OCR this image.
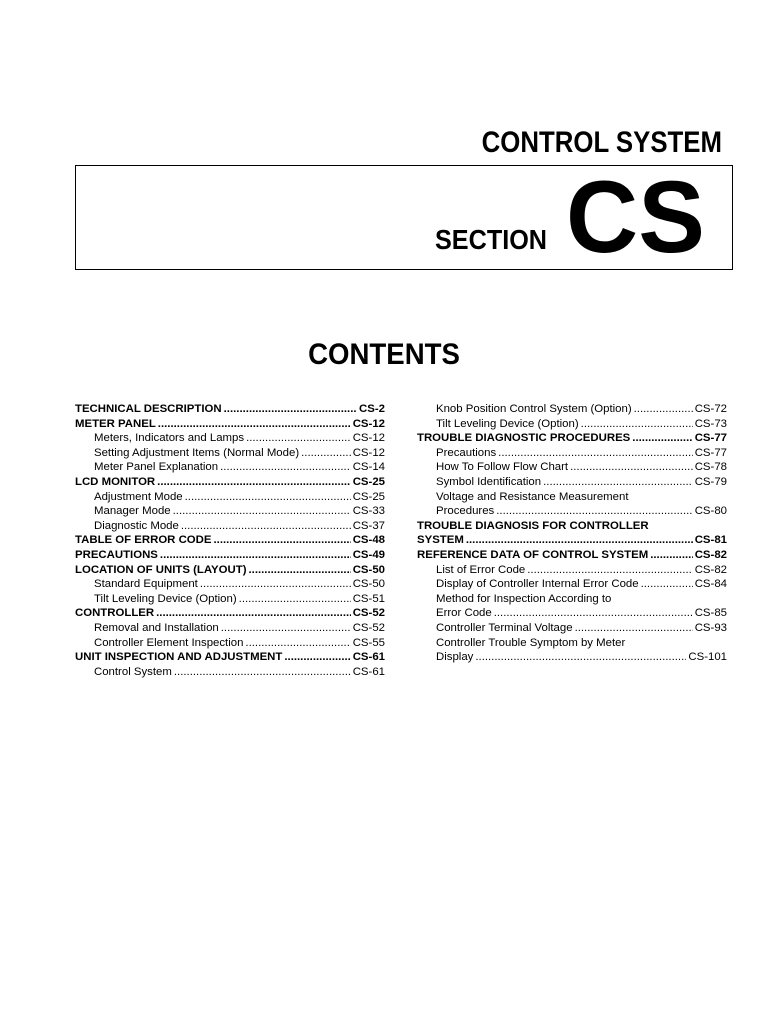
CONTROL SYSTEM
SECTION CS
CONTENTS
TECHNICAL DESCRIPTION .....	CS-2
METER PANEL .....	CS-12
Meters, Indicators and Lamps .....	CS-12
Setting Adjustment Items (Normal Mode) .....	CS-12
Meter Panel Explanation .....	CS-14
LCD MONITOR .....	CS-25
Adjustment Mode .....	CS-25
Manager Mode .....	CS-33
Diagnostic Mode .....	CS-37
TABLE OF ERROR CODE .....	CS-48
PRECAUTIONS .....	CS-49
LOCATION OF UNITS (LAYOUT) .....	CS-50
Standard Equipment .....	CS-50
Tilt Leveling Device (Option) .....	CS-51
CONTROLLER .....	CS-52
Removal and Installation .....	CS-52
Controller Element Inspection .....	CS-55
UNIT INSPECTION AND ADJUSTMENT .....	CS-61
Control System .....	CS-61
Knob Position Control System (Option) .....	CS-72
Tilt Leveling Device (Option) .....	CS-73
TROUBLE DIAGNOSTIC PROCEDURES .....	CS-77
Precautions .....	CS-77
How To Follow Flow Chart .....	CS-78
Symbol Identification .....	CS-79
Voltage and Resistance Measurement
Procedures .....	CS-80
TROUBLE DIAGNOSIS FOR CONTROLLER
SYSTEM .....	CS-81
REFERENCE DATA OF CONTROL SYSTEM .....	CS-82
List of Error Code .....	CS-82
Display of Controller Internal Error Code .....	CS-84
Method for Inspection According to
Error Code .....	CS-85
Controller Terminal Voltage .....	CS-93
Controller Trouble Symptom by Meter
Display .....	CS-101
